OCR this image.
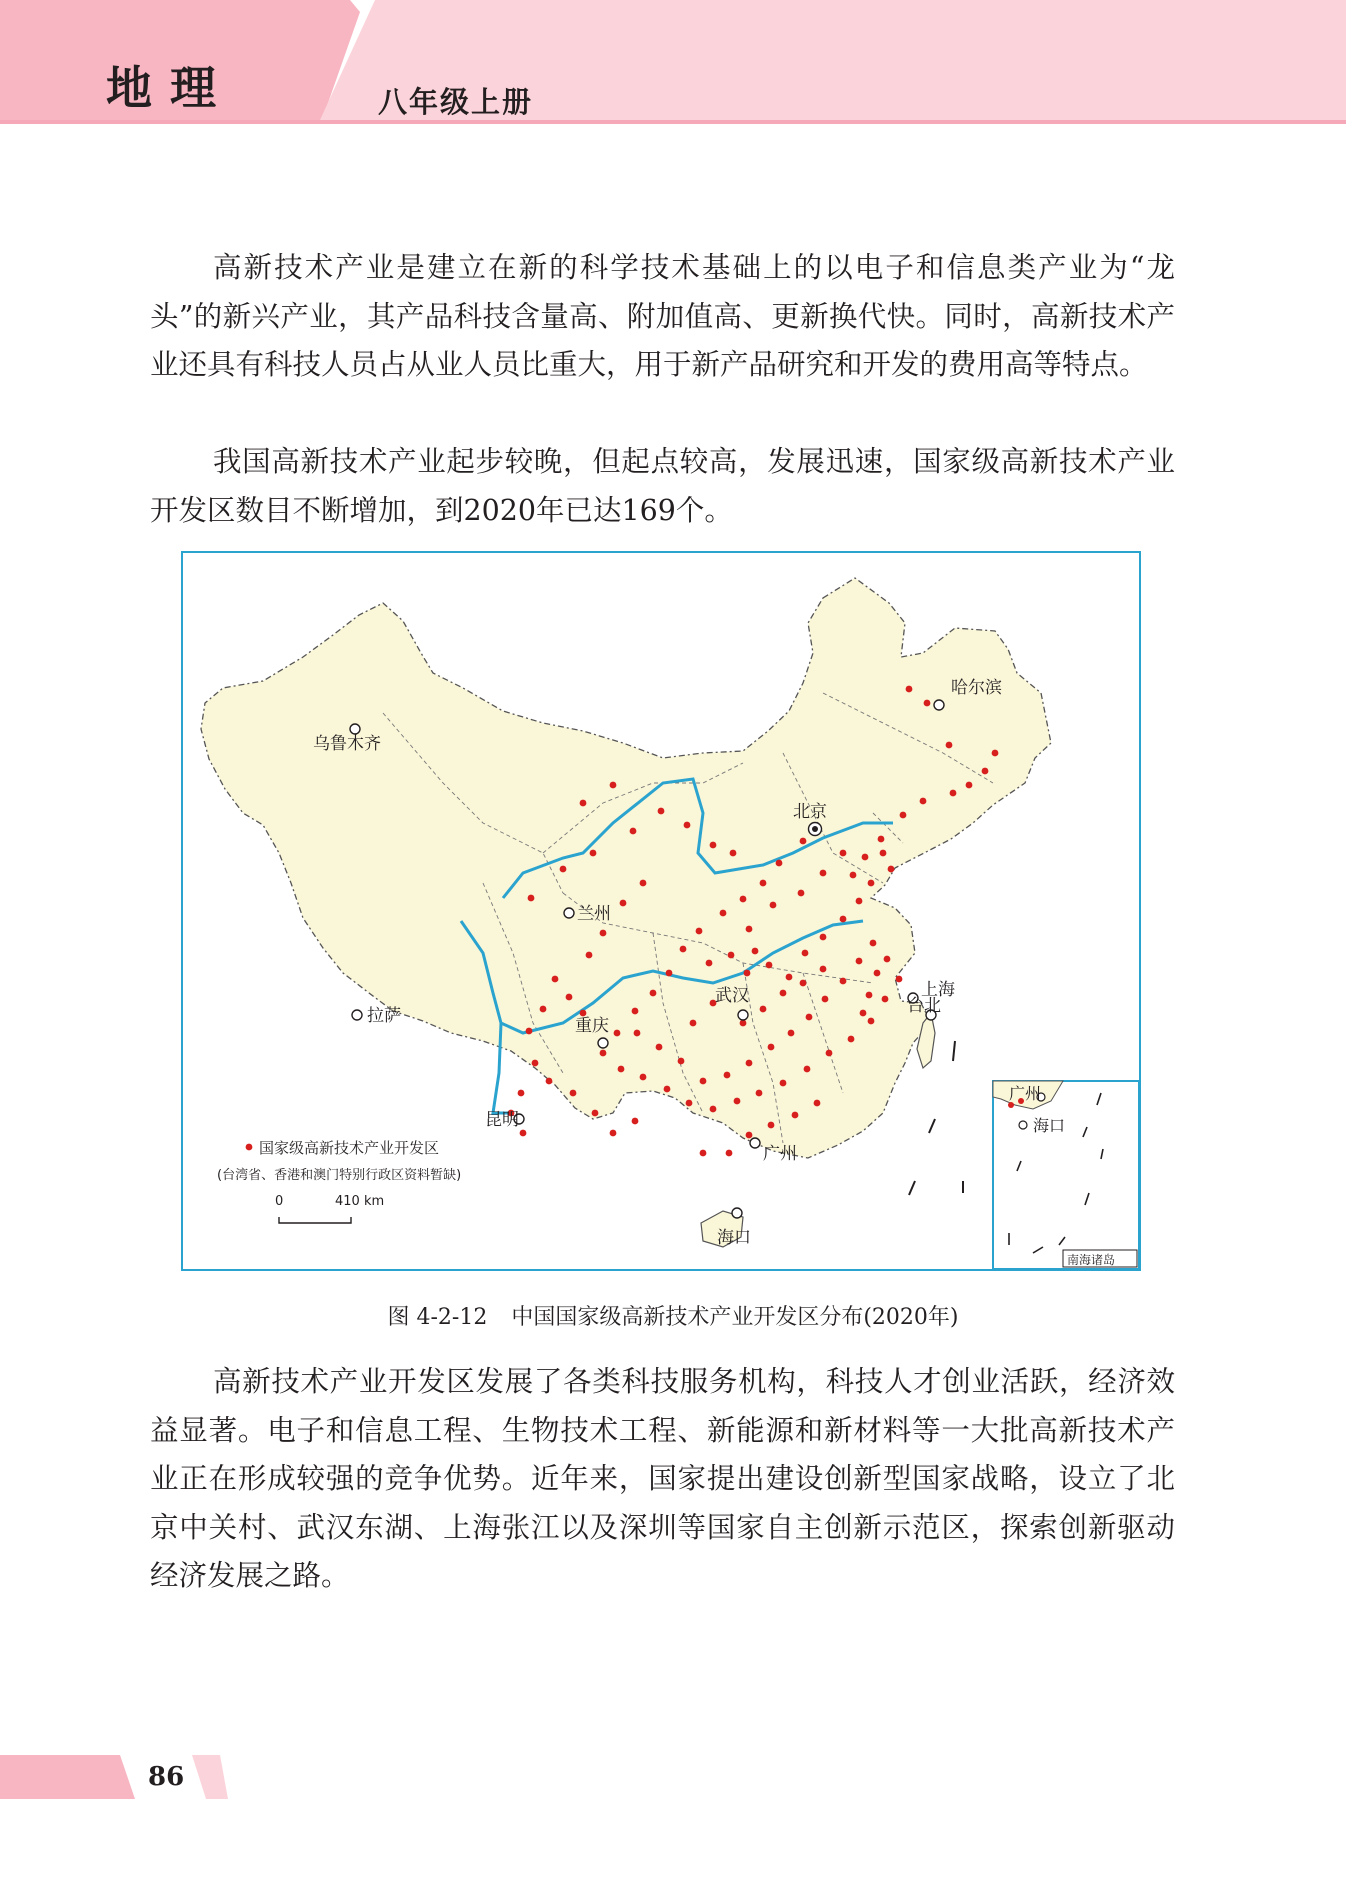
地理	八年级上册

高新技术产业是建立在新的科学技术基础上的以电子和信息类产业为“龙头”的新兴产业，其产品科技含量高、附加值高、更新换代快。同时，高新技术产业还具有科技人员占从业人员比重大，用于新产品研究和开发的费用高等特点。

我国高新技术产业起步较晚，但起点较高，发展迅速，国家级高新技术产业开发区数目不断增加，到2020年已达169个。

哈尔滨
乌鲁木齐
北京
兰州
拉萨
武汉	上海
重庆
台北
昆明
广州
海口
国家级高新技术产业开发区
(台湾省、香港和澳门特别行政区资料暂缺)
0	410 km
广州
海口
南海诸岛
图 4-2-12 中国国家级高新技术产业开发区分布(2020年)

高新技术产业开发区发展了各类科技服务机构，科技人才创业活跃，经济效益显著。电子和信息工程、生物技术工程、新能源和新材料等一大批高新技术产业正在形成较强的竞争优势。近年来，国家提出建设创新型国家战略，设立了北京中关村、武汉东湖、上海张江以及深圳等国家自主创新示范区，探索创新驱动经济发展之路。

86
